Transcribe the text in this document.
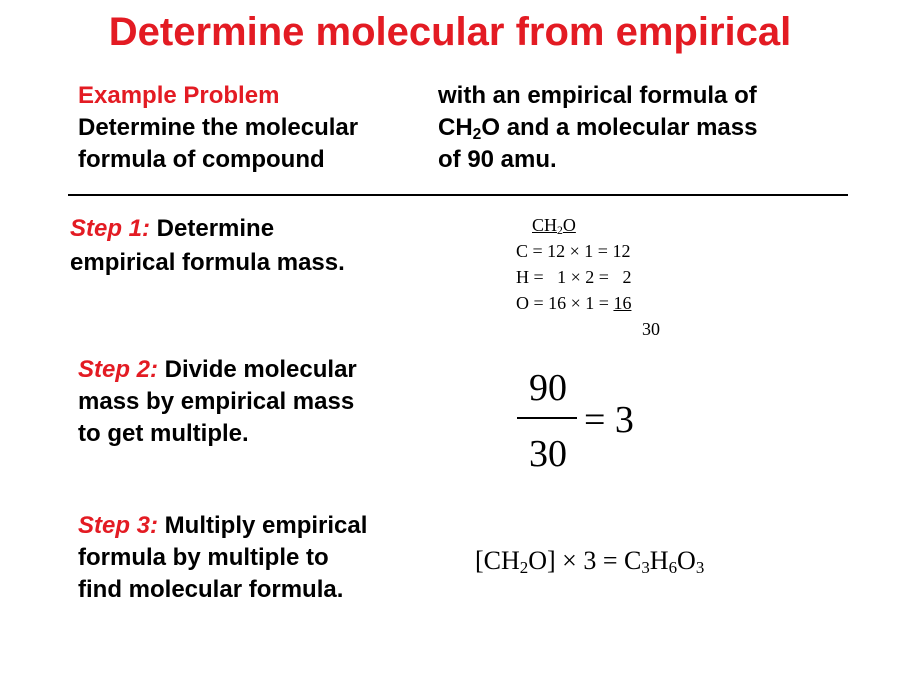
Determine molecular from empirical
Example Problem
Determine the molecular
formula of compound
with an empirical formula of
$CH_2O$ and a molecular mass
of 90 amu.
Step 1: Determine
empirical formula mass.
$CH_2O$
C = 12 × 1 = 12
H =   1 × 2 =   2
O = 16 × 1 = 16
30
Step 2: Divide molecular
mass by empirical mass
to get multiple.
90
30
= 3
Step 3: Multiply empirical
formula by multiple to
find molecular formula.
$[CH_2O] \times 3 = C_3H_6O_3$
